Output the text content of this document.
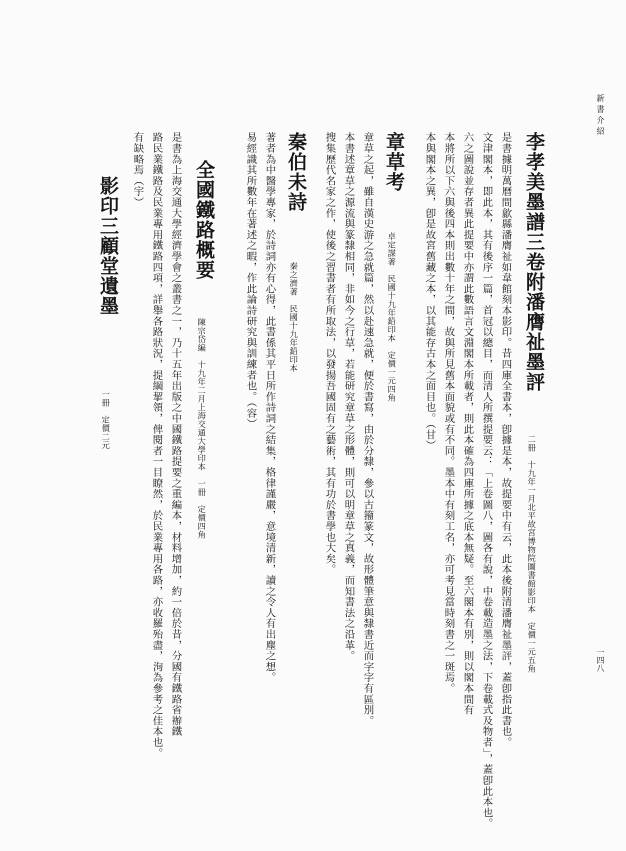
新書介紹
一四八
李孝美墨譜三卷附潘膺祉墨評
二冊　十九年一月北平故宮博物院圖書館影印本　定價一元五角
是書據明萬曆間歙縣潘膺祉如韋館刻本影印。昔四庫全書本，卽據是本，故提要中有云，此本後附清潘膺祉墨評，蓋卽指此書也。
文津閣本，即此本，其有後序一篇，首冠以總目，而清人所撰提要云：「上卷圖八，圖各有說，中卷載造墨之法，下卷載式及物者」，蓋卽此本也。
六之圖說並存者異此提要中亦謂此數語言文淵閣本所載者，則此本確為四庫所據之底本無疑。至六閣本有別，則以閣本間有
本將所以下六與後四本則出數十年之間，故與所見舊本面貌或有不同。墨本中有刻工名，亦可考見當時刻書之一斑焉。
本與閣本之異，卽是故宮舊藏之本，以其能存古本之面目也。（甘）
章草考
卓定謀著　民國十九年鉛印本　定價一元四角
章草之起，雖自漢史游之急就篇，然以赴速急就，便於書寫，由於分隸，參以古籀篆文，故形體筆意與隸書近而字字有區別。
本書述章草之源流與篆隸相同，非如今之行草，若能研究章草之形體，則可以明章草之真義，而知書法之沿革。
搜集歷代名家之作，使後之習書者有所取法，以發揚吾國固有之藝術，其有功於書學也大矣。
秦伯未詩
秦之濟著　民國十九年鉛印本
著者為中醫學專家，於詩詞亦有心得，此書係其平日所作詩詞之結集，格律謹嚴，意境清新，讀之令人有出塵之想。
易經識其所數年在著述之暇，作此論詩研究與訓練者也。（容）
全國鐵路概要
陳宗岱編　十九年二月上海交通大學印本　一冊　定價四角
是書為上海交通大學經濟學會之叢書之一，乃十五年出版之中國鐵路提要之重編本，材料增加，約一倍於昔，分國有鐵路省辦鐵
路民業鐵路及民業專用鐵路四項，詳舉各路狀況，提綱挈領，俾閱者一目瞭然，於民業專用各路，亦收羅殆盡，洵為參考之佳本也。
有缺略焉（宇）
影印三顧堂遺墨
一冊　定價二元
